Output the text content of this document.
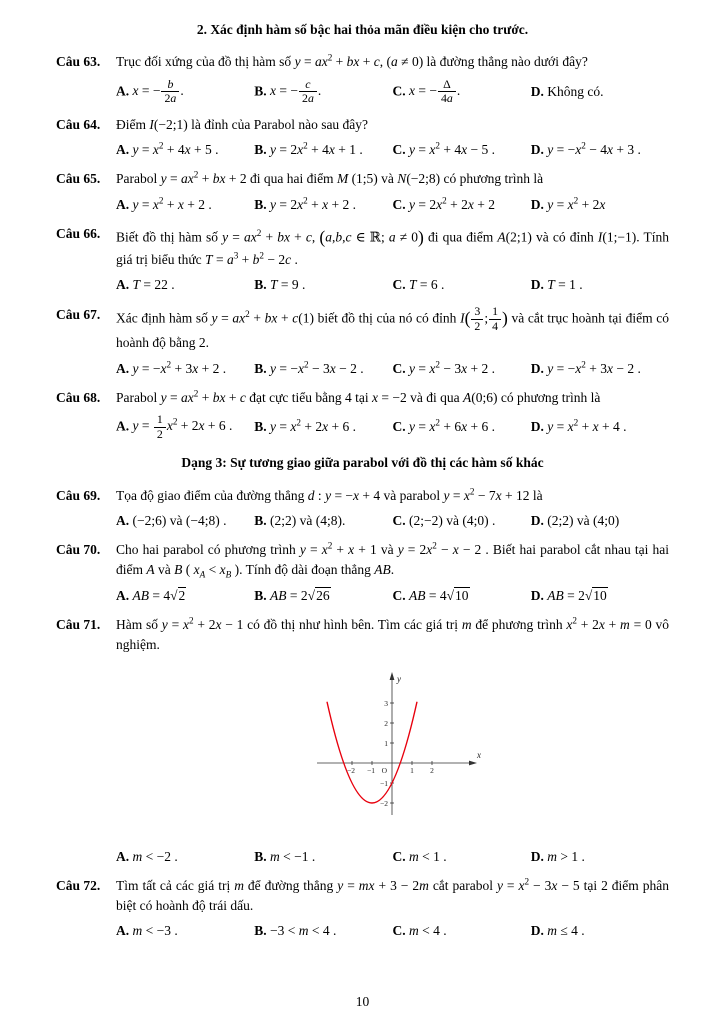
2. Xác định hàm số bậc hai thỏa mãn điều kiện cho trước.
Câu 63.	Trục đối xứng của đồ thị hàm số $y = ax^2$ + bx + c, (a ≠ 0) là đường thẳng nào dưới đây?
A. x = − $\frac{b}{2a}$ .	B. x = − $\frac{c}{2a}$ .	C. x = − $\frac{\Delta}{4a}$ .	D. Không có.
Câu 64.	Điểm I(−2;1) là đỉnh của Parabol nào sau đây?
A. $y = x^2 + 4x + 5$ .	B. $y = 2x^2 + 4x + 1$ .	C. $y = x^2 + 4x - 5$ .	D. $y = -x^2 - 4x + 3$ .
Câu 65.	Parabol $y = ax^2$ + bx + 2 đi qua hai điểm M (1;5) và N(−2;8) có phương trình là
A. $y = x^2 + x + 2$ .	B. $y = 2x^2 + x + 2$ .	C. $y = 2x^2 + 2x + 2$	D. $y = x^2 + 2x$
Câu 66.	Biết đồ thị hàm số $y = ax^2$ + bx + c, (a,b,c ∈ ℝ; a ≠ 0) đi qua điểm A(2;1) và có đỉnh I(1;−1). Tính giá trị biểu thức $T = a^3 + b^2 - 2c$ .
A. T = 22 .	B. T = 9 .	C. T = 6 .	D. T = 1 .
Câu 67.	Xác định hàm số $y = ax^2$ + bx + c(1) biết đồ thị của nó có đỉnh $I( \frac{3}{2}$ ; $\frac{1}{4}$ ) và cắt trục hoành tại điểm có hoành độ bằng 2.
A. $y = -x^2 + 3x + 2$ .	B. $y = -x^2 - 3x - 2$ .	C. $y = x^2 - 3x + 2$ .	D. $y = -x^2 + 3x - 2$ .
Câu 68.	Parabol $y = ax^2$ + bx + c đạt cực tiểu bằng 4 tại x = −2 và đi qua A(0;6) có phương trình là
A. $y = \frac{1}{2} x^2 + 2x + 6$ .	B. $y = x^2 + 2x + 6$ .	C. $y = x^2 + 6x + 6$ .	D. $y = x^2 + x + 4$ .
Dạng 3: Sự tương giao giữa parabol với đồ thị các hàm số khác
Câu 69.	Tọa độ giao điểm của đường thẳng d : y = −x + 4 và parabol $y = x^2 - 7x + 12$ là
A. (−2;6) và (−4;8) .	B. (2;2) và (4;8).	C. (2;−2) và (4;0) .	D. (2;2) và (4;0)
Câu 70.	Cho hai parabol có phương trình $y = x^2 + x + 1$ và $y = 2x^2 - x - 2$ . Biết hai parabol cắt nhau tại hai điểm A và B ( $x_A < x_B$ ). Tính độ dài đoạn thẳng AB.
A. AB = 4√2	B. AB = 2√26	C. AB = 4√10	D. AB = 2√10
Câu 71.	Hàm số $y = x^2 + 2x - 1$ có đồ thị như hình bên. Tìm các giá trị m để phương trình $x^2 + 2x + m = 0$ vô nghiệm.
y
x
O
−2 −1	1 2
3
2
1
−1
−2
A. m < −2 .	B. m < −1 .	C. m < 1 .	D. m > 1 .
Câu 72.	Tìm tất cả các giá trị m để đường thẳng y = mx + 3 − 2m cắt parabol $y = x^2 - 3x - 5$ tại 2 điểm phân biệt có hoành độ trái dấu.
A. m < −3 .	B. −3 < m < 4 .	C. m < 4 .	D. m ≤ 4 .
10
